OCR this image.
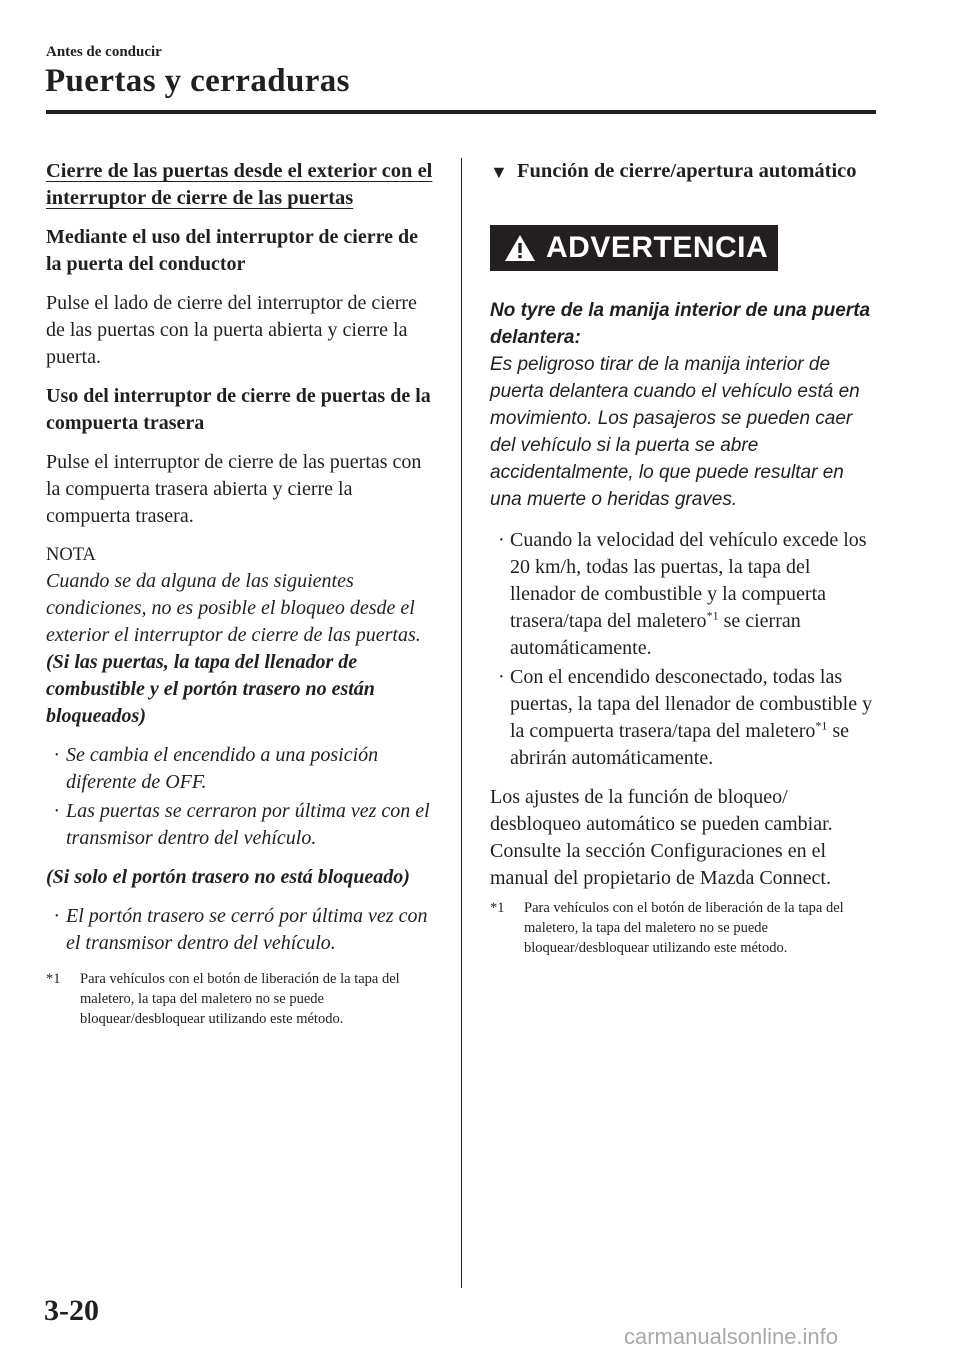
Antes de conducir
Puertas y cerraduras

Cierre de las puertas desde el exterior con el interruptor de cierre de las puertas

Mediante el uso del interruptor de cierre de la puerta del conductor

Pulse el lado de cierre del interruptor de cierre de las puertas con la puerta abierta y cierre la puerta.

Uso del interruptor de cierre de puertas de la compuerta trasera

Pulse el interruptor de cierre de las puertas con la compuerta trasera abierta y cierre la compuerta trasera.

NOTA

Cuando se da alguna de las siguientes condiciones, no es posible el bloqueo desde el exterior el interruptor de cierre de las puertas.

(Si las puertas, la tapa del llenador de combustible y el portón trasero no están bloqueados)

· Se cambia el encendido a una posición diferente de OFF.
· Las puertas se cerraron por última vez con el transmisor dentro del vehículo.

(Si solo el portón trasero no está bloqueado)

· El portón trasero se cerró por última vez con el transmisor dentro del vehículo.

*1 Para vehículos con el botón de liberación de la tapa del maletero, la tapa del maletero no se puede bloquear/desbloquear utilizando este método.

▼ Función de cierre/apertura automático

ADVERTENCIA

No tyre de la manija interior de una puerta delantera:

Es peligroso tirar de la manija interior de puerta delantera cuando el vehículo está en movimiento. Los pasajeros se pueden caer del vehículo si la puerta se abre accidentalmente, lo que puede resultar en una muerte o heridas graves.

· Cuando la velocidad del vehículo excede los 20 km/h, todas las puertas, la tapa del llenador de combustible y la compuerta trasera/tapa del maletero$^{*1}$ se cierran automáticamente.
· Con el encendido desconectado, todas las puertas, la tapa del llenador de combustible y la compuerta trasera/tapa del maletero$^{*1}$ se abrirán automáticamente.

Los ajustes de la función de bloqueo/ desbloqueo automático se pueden cambiar. Consulte la sección Configuraciones en el manual del propietario de Mazda Connect.

*1 Para vehículos con el botón de liberación de la tapa del maletero, la tapa del maletero no se puede bloquear/desbloquear utilizando este método.

3-20
carmanualsonline.info
